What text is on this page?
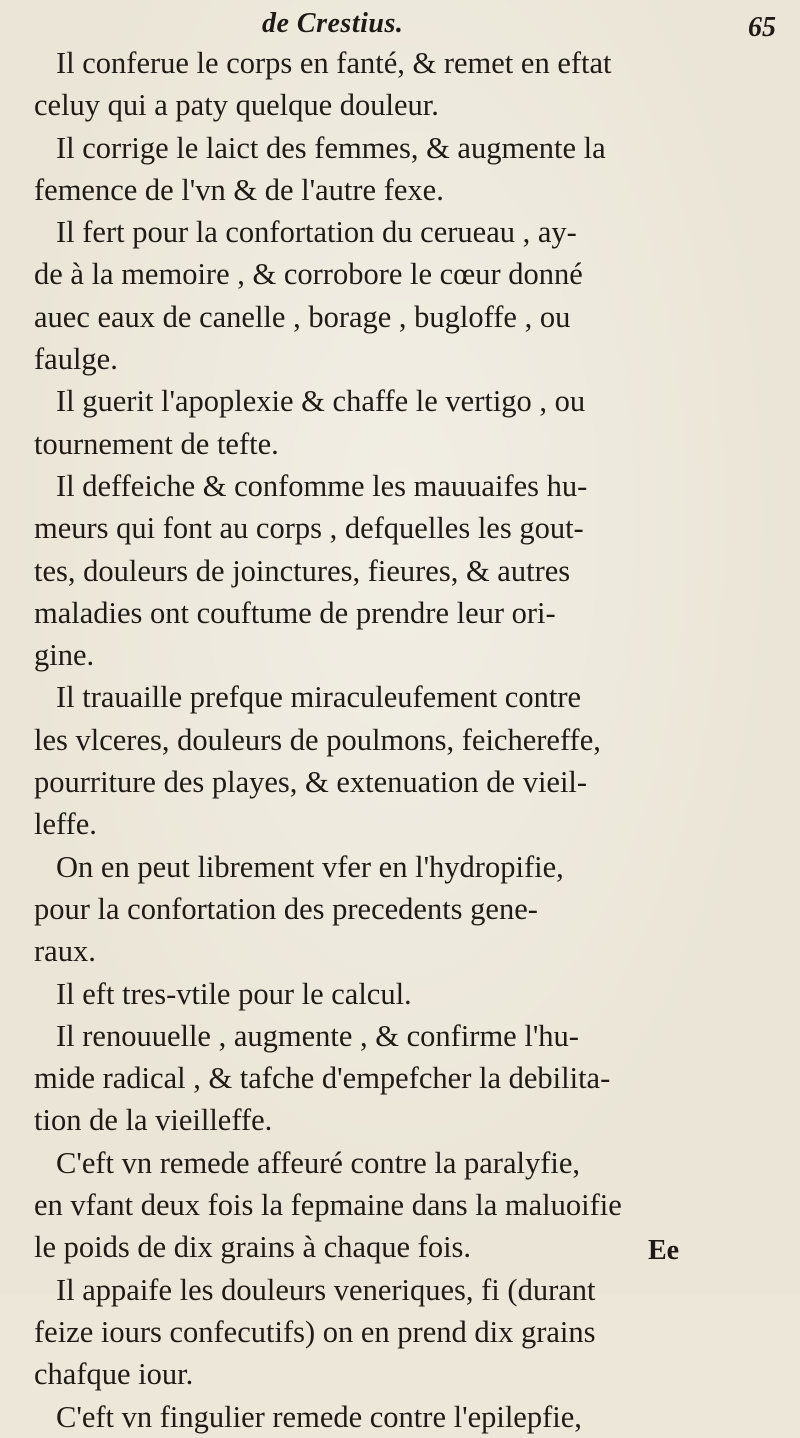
de Crestius.	65
Il conferue le corps en fanté, & remet en eftat
celuy qui a paty quelque douleur.
Il corrige le laict des femmes, & augmente la
femence de l'vn & de l'autre fexe.
Il fert pour la confortation du cerueau , ay-
de à la memoire , & corrobore le cœur donné
auec eaux de canelle , borage , bugloffe , ou
faulge.
Il guerit l'apoplexie & chaffe le vertigo , ou
tournement de tefte.
Il deffeiche & confomme les mauuaifes hu-
meurs qui font au corps , defquelles les gout-
tes, douleurs de joinctures, fieures, & autres
maladies ont couftume de prendre leur ori-
gine.
Il trauaille prefque miraculeufement contre
les vlceres, douleurs de poulmons, feichereffe,
pourriture des playes, & extenuation de vieil-
leffe.
On en peut librement vfer en l'hydropifie,
pour la confortation des precedents gene-
raux.
Il eft tres-vtile pour le calcul.
Il renouuelle , augmente , & confirme l'hu-
mide radical , & tafche d'empefcher la debilita-
tion de la vieilleffe.
C'eft vn remede affeuré contre la paralyfie,
en vfant deux fois la fepmaine dans la maluoifie
le poids de dix grains à chaque fois.
Il appaife les douleurs veneriques, fi (durant
feize iours confecutifs) on en prend dix grains
chafque iour.
C'eft vn fingulier remede contre l'epilepfie,
Ee
